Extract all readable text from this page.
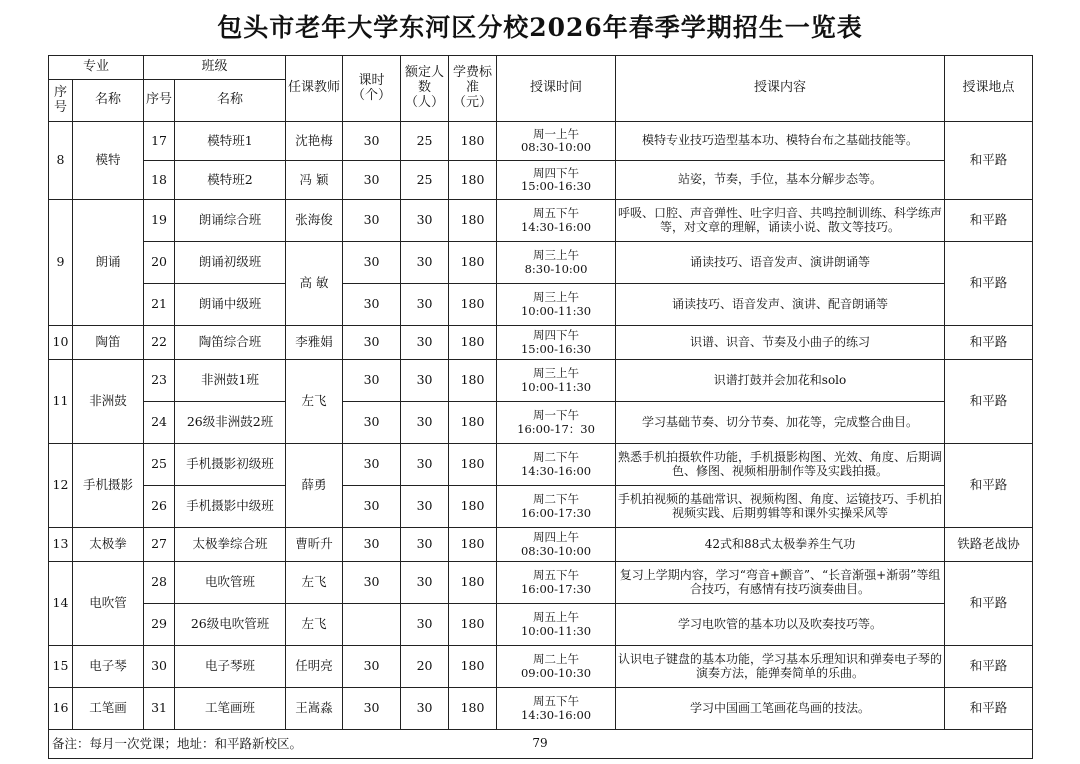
包头市老年大学东河区分校2026年春季学期招生一览表
专业		班级		任课教师	课时（个）	额定人数（人）	学费标准（元）	授课时间	授课内容	授课地点
序号	名称	序号	名称							
8	模特	17	模特班1	沈艳梅	30	25	180	周一上午
08:30-10:00	模特专业技巧造型基本功、模特台布之基础技能等。	和平路
		18	模特班2	冯 颖	30	25	180	周四下午
15:00-16:30	站姿，节奏，手位，基本分解步态等。	
9	朗诵	19	朗诵综合班	张海俊	30	30	180	周五下午
14:30-16:00	呼吸、口腔、声音弹性、吐字归音、共鸣控制训练、科学练声等，对文章的理解，诵读小说、散文等技巧。	和平路
		20	朗诵初级班	高 敏	30	30	180	周三上午
8:30-10:00	诵读技巧、语音发声、演讲朗诵等	和平路
		21	朗诵中级班		30	30	180	周三上午
10:00-11:30	诵读技巧、语音发声、演讲、配音朗诵等	
10	陶笛	22	陶笛综合班	李雅娟	30	30	180	周四下午
15:00-16:30	识谱、识音、节奏及小曲子的练习	和平路
11	非洲鼓	23	非洲鼓1班	左飞	30	30	180	周三上午
10:00-11:30	识谱打鼓并会加花和solo	和平路
		24	26级非洲鼓2班		30	30	180	周一下午
16:00-17：30	学习基础节奏、切分节奏、加花等，完成整合曲目。	
12	手机摄影	25	手机摄影初级班	薛勇	30	30	180	周二下午
14:30-16:00	熟悉手机拍摄软件功能，手机摄影构图、光效、角度、后期调色、修图、视频相册制作等及实践拍摄。	和平路
		26	手机摄影中级班		30	30	180	周二下午
16:00-17:30	手机拍视频的基础常识、视频构图、角度、运镜技巧、手机拍视频实践、后期剪辑等和课外实操采风等	
13	太极拳	27	太极拳综合班	曹昕升	30	30	180	周四上午
08:30-10:00	42式和88式太极拳养生气功	铁路老战协
14	电吹管	28	电吹管班	左飞	30	30	180	周五下午
16:00-17:30	复习上学期内容，学习“弯音+颤音”、“长音渐强+渐弱”等组合技巧，有感情有技巧演奏曲目。	和平路
		29	26级电吹管班	左飞		30	180	周五上午
10:00-11:30	学习电吹管的基本功以及吹奏技巧等。	
15	电子琴	30	电子琴班	任明亮	30	20	180	周二上午
09:00-10:30	认识电子键盘的基本功能，学习基本乐理知识和弹奏电子琴的演奏方法，能弹奏简单的乐曲。	和平路
16	工笔画	31	工笔画班	王嵩淼	30	30	180	周五下午
14:30-16:00	学习中国画工笔画花鸟画的技法。	和平路
备注：每月一次党课；地址：和平路新校区。											79
